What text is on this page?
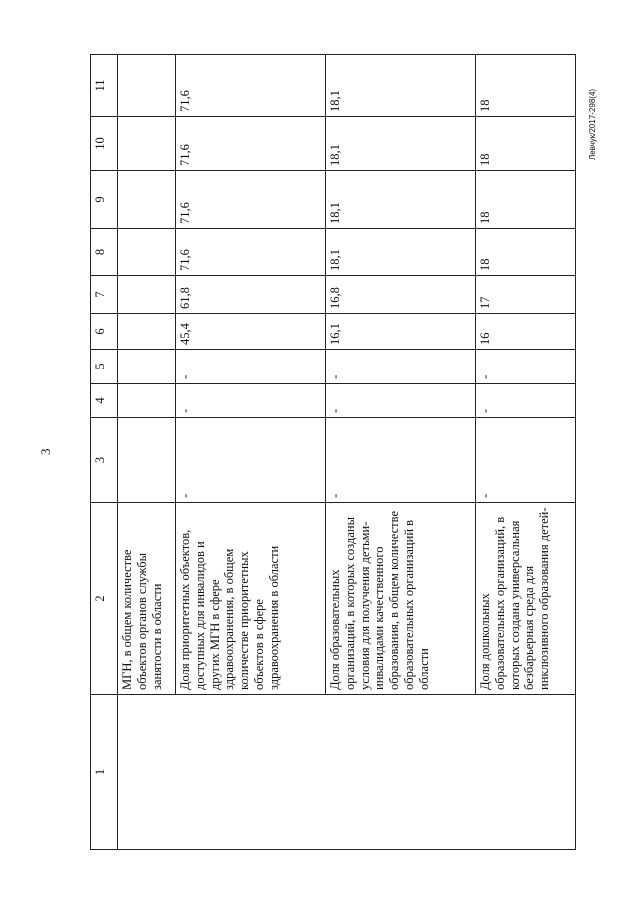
3
Левчук/2017-298(4)
1	2	3	4	5	6	7	8	9	10	11
	МГН, в общем количестве объектов органов службы занятости в области									
	Доля приоритетных объектов, доступных для инвалидов и других МГН в сфере здравоохранения, в общем количестве приоритетных объектов в сфере здравоохранения в области	-	-	-	45,4	61,8	71,6	71,6	71,6	71,6
	Доля образовательных организаций, в которых созданы условия для получения детьми-инвалидами качественного образования, в общем количестве образовательных организаций в области	-	-	-	16,1	16,8	18,1	18,1	18,1	18,1
	Доля дошкольных образовательных организаций, в которых создана универсальная безбарьерная среда для инклюзивного образования детей-	-	-	-	16	17	18	18	18	18
